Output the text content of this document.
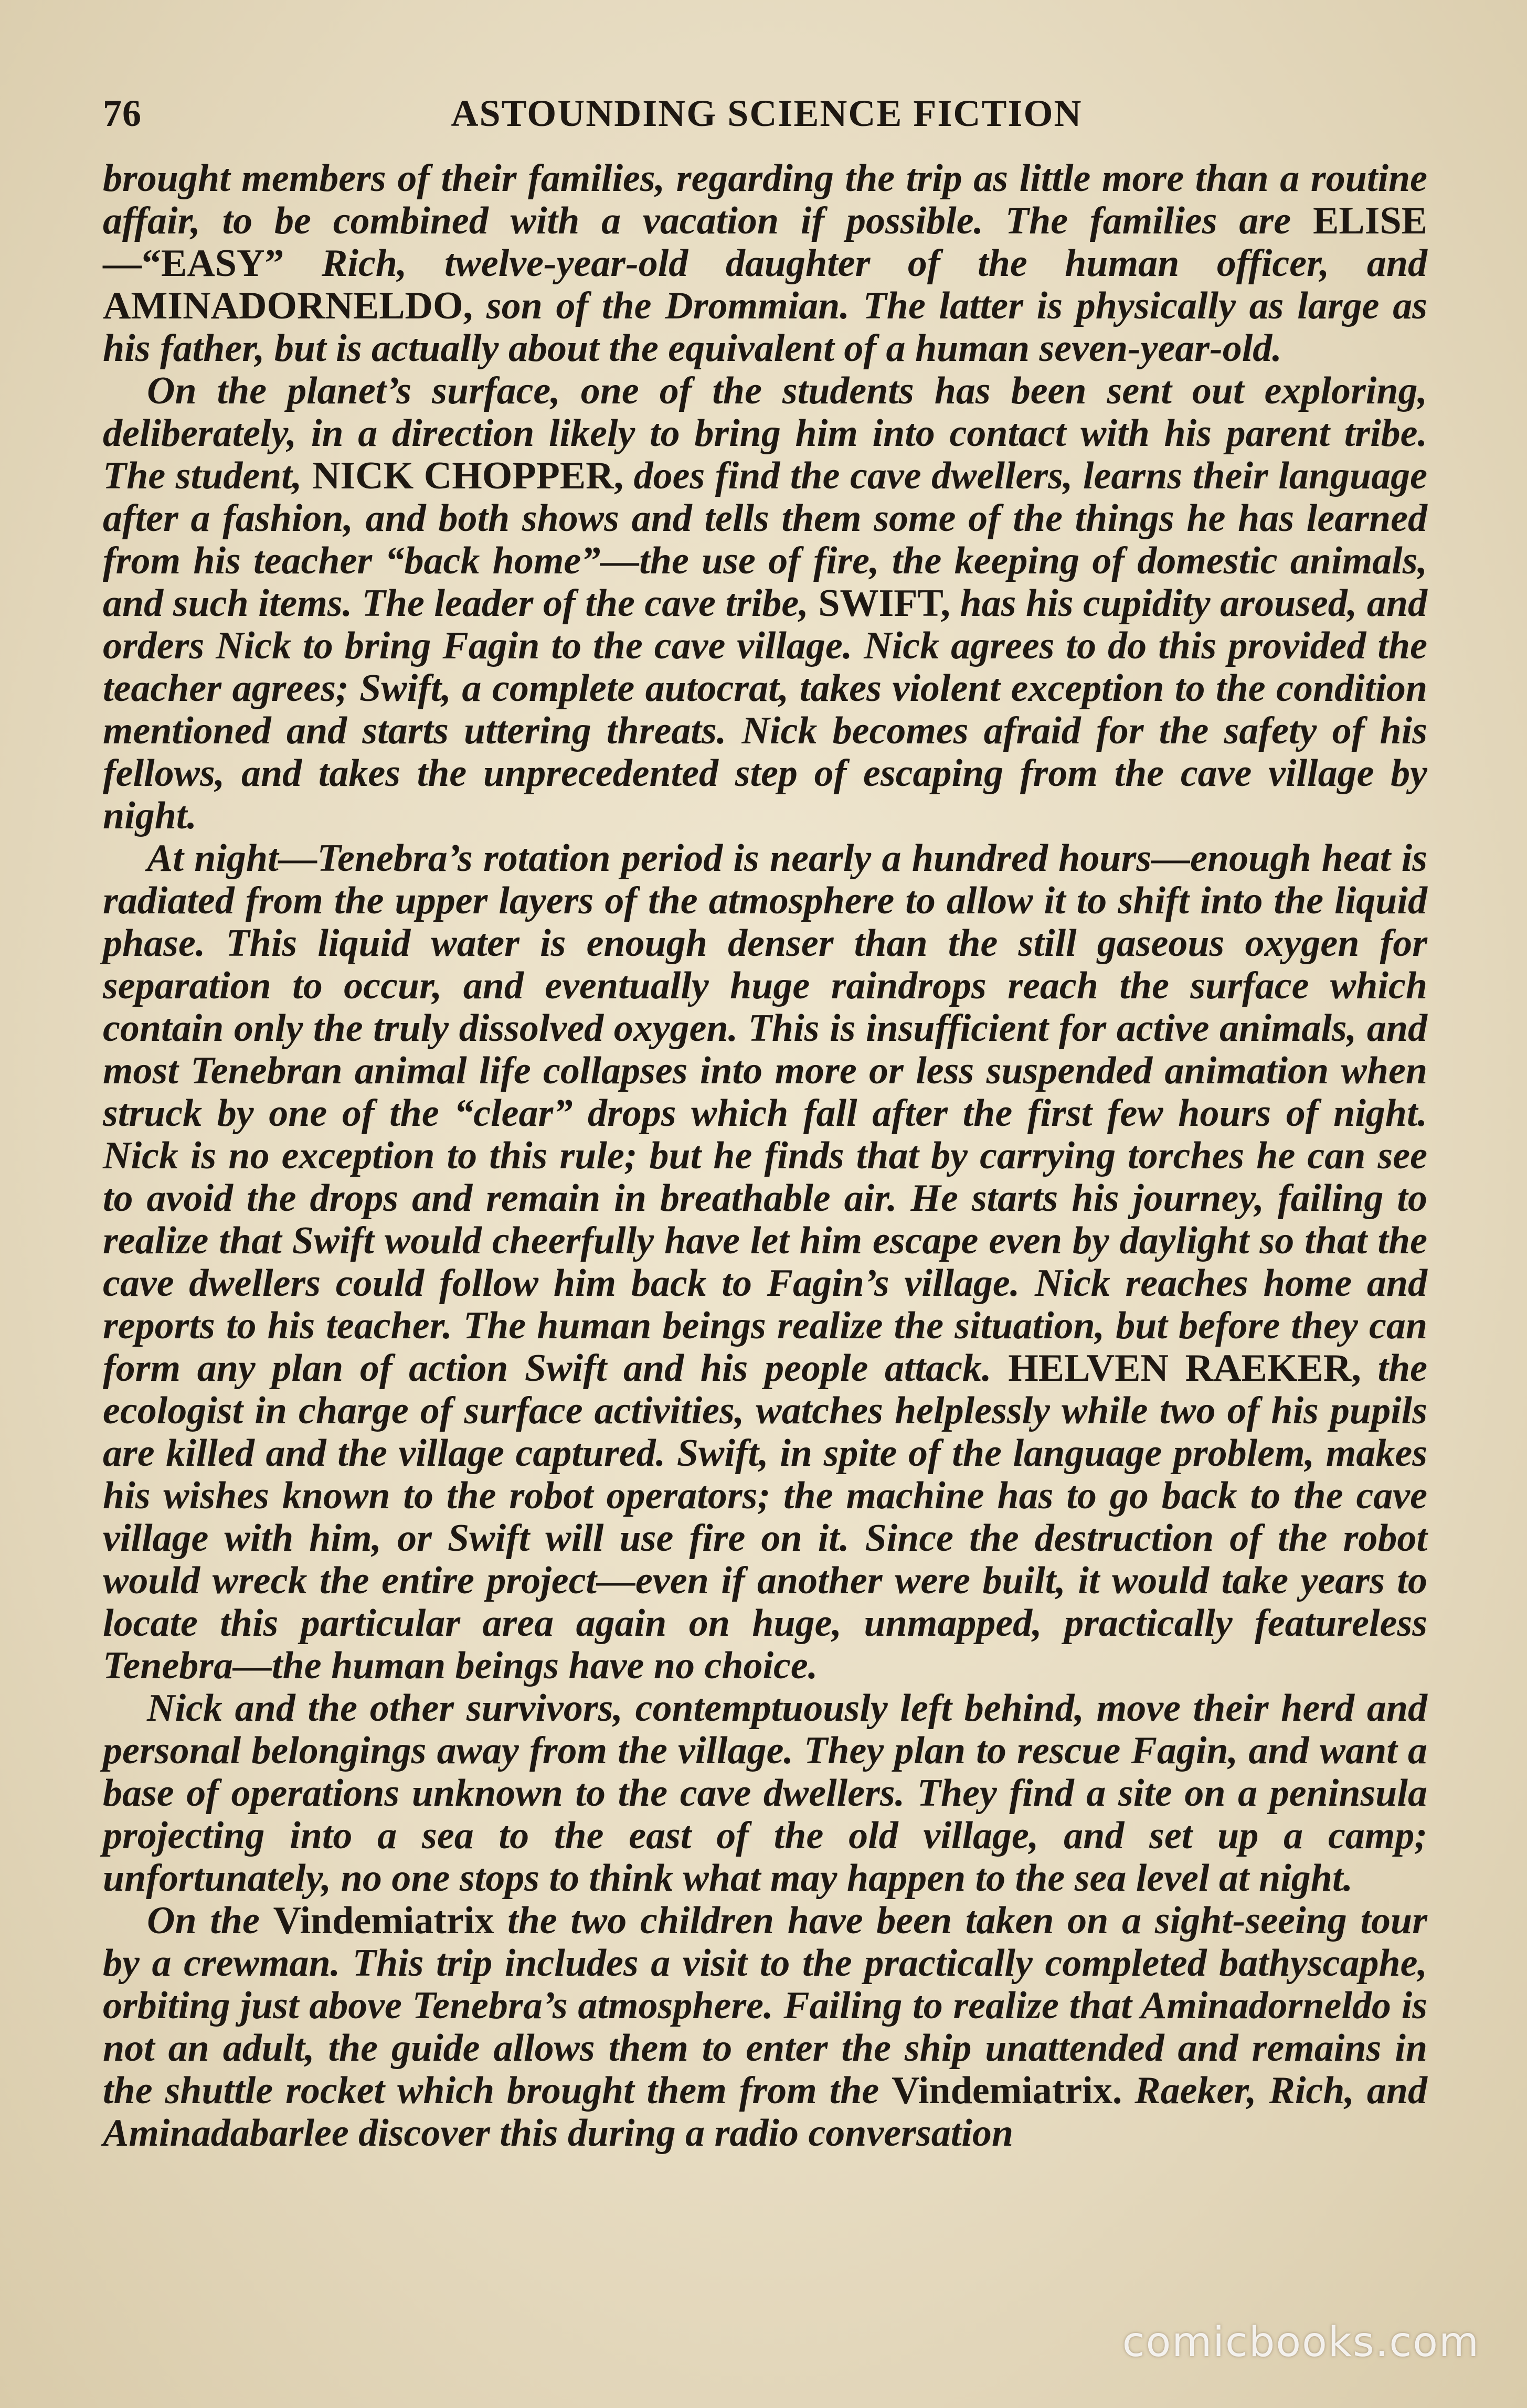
76	ASTOUNDING SCIENCE FICTION

brought members of their families, regarding the trip as little more than a routine affair, to be combined with a vacation if possible. The families are ELISE—“EASY” Rich, twelve-year-old daughter of the human officer, and AMINADORNELDO, son of the Drommian. The latter is physically as large as his father, but is actually about the equivalent of a human seven-year-old.

On the planet’s surface, one of the students has been sent out exploring, deliberately, in a direction likely to bring him into contact with his parent tribe. The student, NICK CHOPPER, does find the cave dwellers, learns their language after a fashion, and both shows and tells them some of the things he has learned from his teacher “back home”—the use of fire, the keeping of domestic animals, and such items. The leader of the cave tribe, SWIFT, has his cupidity aroused, and orders Nick to bring Fagin to the cave village. Nick agrees to do this provided the teacher agrees; Swift, a complete autocrat, takes violent exception to the condition mentioned and starts uttering threats. Nick becomes afraid for the safety of his fellows, and takes the unprecedented step of escaping from the cave village by night.

At night—Tenebra’s rotation period is nearly a hundred hours—enough heat is radiated from the upper layers of the atmosphere to allow it to shift into the liquid phase. This liquid water is enough denser than the still gaseous oxygen for separation to occur, and eventually huge raindrops reach the surface which contain only the truly dissolved oxygen. This is insufficient for active animals, and most Tenebran animal life collapses into more or less suspended animation when struck by one of the “clear” drops which fall after the first few hours of night. Nick is no exception to this rule; but he finds that by carrying torches he can see to avoid the drops and remain in breathable air. He starts his journey, failing to realize that Swift would cheerfully have let him escape even by daylight so that the cave dwellers could follow him back to Fagin’s village. Nick reaches home and reports to his teacher. The human beings realize the situation, but before they can form any plan of action Swift and his people attack. HELVEN RAEKER, the ecologist in charge of surface activities, watches helplessly while two of his pupils are killed and the village captured. Swift, in spite of the language problem, makes his wishes known to the robot operators; the machine has to go back to the cave village with him, or Swift will use fire on it. Since the destruction of the robot would wreck the entire project—even if another were built, it would take years to locate this particular area again on huge, unmapped, practically featureless Tenebra—the human beings have no choice.

Nick and the other survivors, contemptuously left behind, move their herd and personal belongings away from the village. They plan to rescue Fagin, and want a base of operations unknown to the cave dwellers. They find a site on a peninsula projecting into a sea to the east of the old village, and set up a camp; unfortunately, no one stops to think what may happen to the sea level at night.

On the Vindemiatrix the two children have been taken on a sight-seeing tour by a crewman. This trip includes a visit to the practically completed bathyscaphe, orbiting just above Tenebra’s atmosphere. Failing to realize that Aminadorneldo is not an adult, the guide allows them to enter the ship unattended and remains in the shuttle rocket which brought them from the Vindemiatrix. Raeker, Rich, and Aminadabarlee discover this during a radio conversation

comicbooks.com
